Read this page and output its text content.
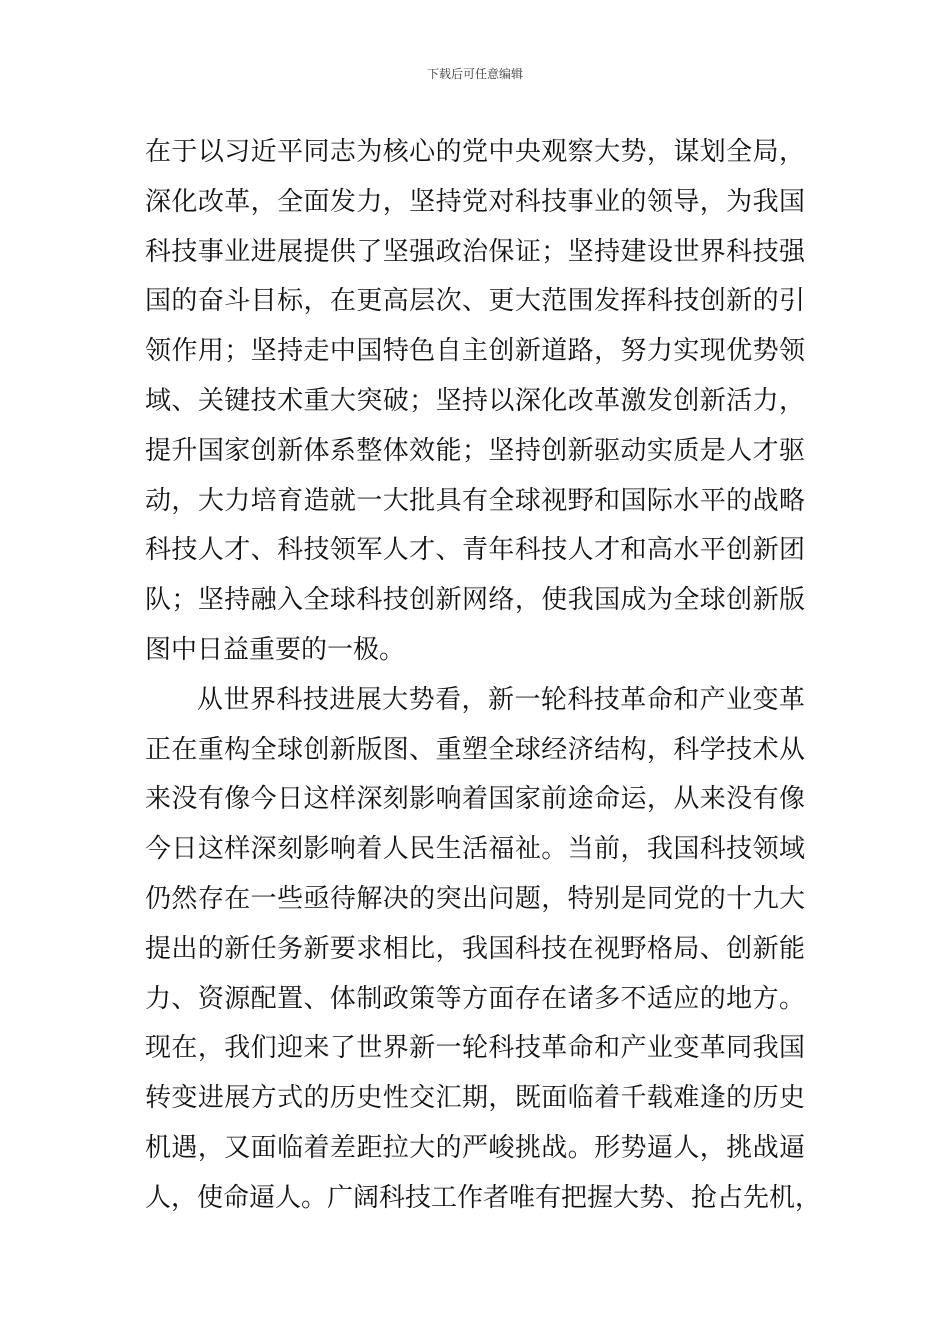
下载后可任意编辑
在于以习近平同志为核心的党中央观察大势，谋划全局，
深化改革，全面发力，坚持党对科技事业的领导，为我国
科技事业进展提供了坚强政治保证；坚持建设世界科技强
国的奋斗目标，在更高层次、更大范围发挥科技创新的引
领作用；坚持走中国特色自主创新道路，努力实现优势领
域、关键技术重大突破；坚持以深化改革激发创新活力，
提升国家创新体系整体效能；坚持创新驱动实质是人才驱
动，大力培育造就一大批具有全球视野和国际水平的战略
科技人才、科技领军人才、青年科技人才和高水平创新团
队；坚持融入全球科技创新网络，使我国成为全球创新版
图中日益重要的一极。
从世界科技进展大势看，新一轮科技革命和产业变革
正在重构全球创新版图、重塑全球经济结构，科学技术从
来没有像今日这样深刻影响着国家前途命运，从来没有像
今日这样深刻影响着人民生活福祉。当前，我国科技领域
仍然存在一些亟待解决的突出问题，特别是同党的十九大
提出的新任务新要求相比，我国科技在视野格局、创新能
力、资源配置、体制政策等方面存在诸多不适应的地方。
现在，我们迎来了世界新一轮科技革命和产业变革同我国
转变进展方式的历史性交汇期，既面临着千载难逢的历史
机遇，又面临着差距拉大的严峻挑战。形势逼人，挑战逼
人，使命逼人。广阔科技工作者唯有把握大势、抢占先机，
